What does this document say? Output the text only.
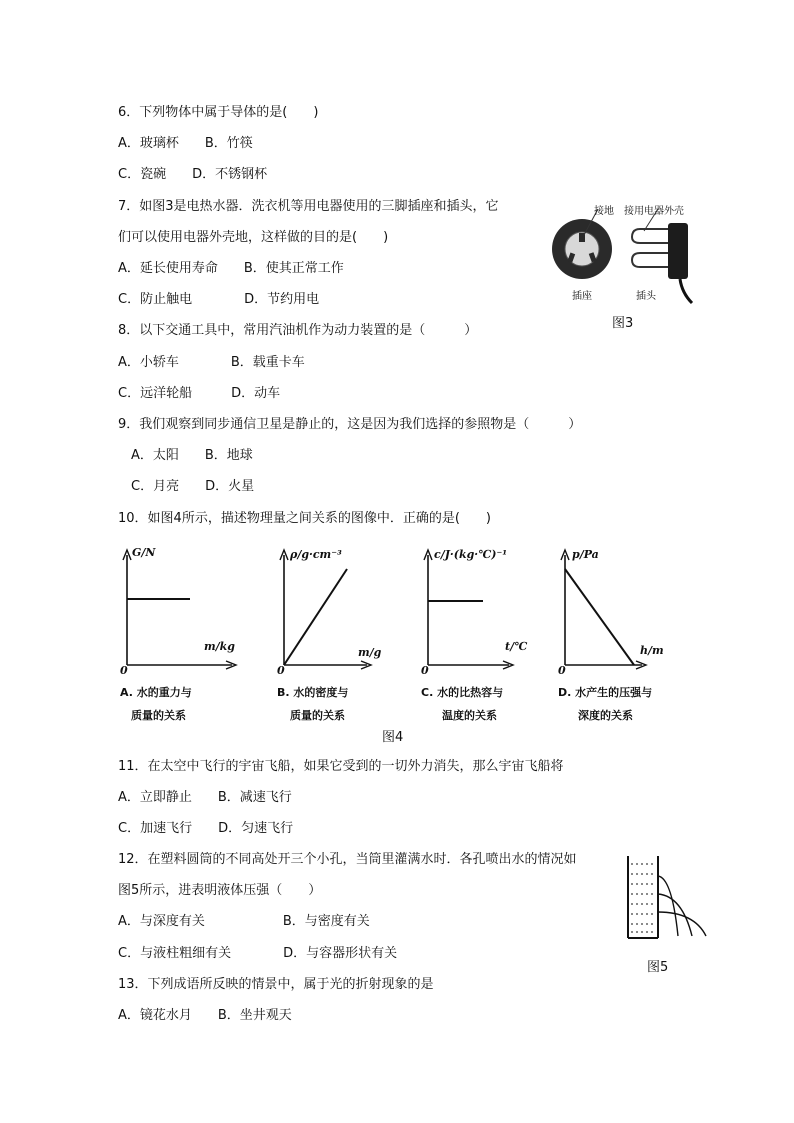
6．下列物体中属于导体的是(　　)
A．玻璃杯　　B．竹筷
C．瓷碗　　D．不锈钢杯
7．如图3是电热水器．洗衣机等用电器使用的三脚插座和插头，它
们可以使用电器外壳地，这样做的目的是(　　)
A．延长使用寿命　　B．使其正常工作
C．防止触电　　　　D．节约用电
接地 接用电器外壳
插座	插头
图3
8．以下交通工具中，常用汽油机作为动力装置的是（　　　）
A．小轿车　　　　B．载重卡车
C．远洋轮船　　　D．动车
9．我们观察到同步通信卫星是静止的，这是因为我们选择的参照物是（　　　）
A．太阳　　B．地球
C．月亮　　D．火星
10．如图4所示，描述物理量之间关系的图像中．正确的是(　　)
G/N
m/kg
0
A. 水的重力与
质量的关系
ρ/g·cm⁻³
m/g
0
B. 水的密度与
质量的关系
c/J·(kg·℃)⁻¹
t/℃
0
C. 水的比热容与
温度的关系
p/Pa
h/m
0
D. 水产生的压强与
深度的关系
图4
11．在太空中飞行的宇宙飞船，如果它受到的一切外力消失，那么宇宙飞船将
A．立即静止　　B．减速飞行
C．加速飞行　　D．匀速飞行
12．在塑料圆筒的不同高处开三个小孔，当筒里灌满水时．各孔喷出水的情况如
图5所示，进表明液体压强（　　）
A．与深度有关　　　　　　B．与密度有关
C．与液柱粗细有关　　　　D．与容器形状有关
图5
13．下列成语所反映的情景中，属于光的折射现象的是
A．镜花水月　　B．坐井观天
